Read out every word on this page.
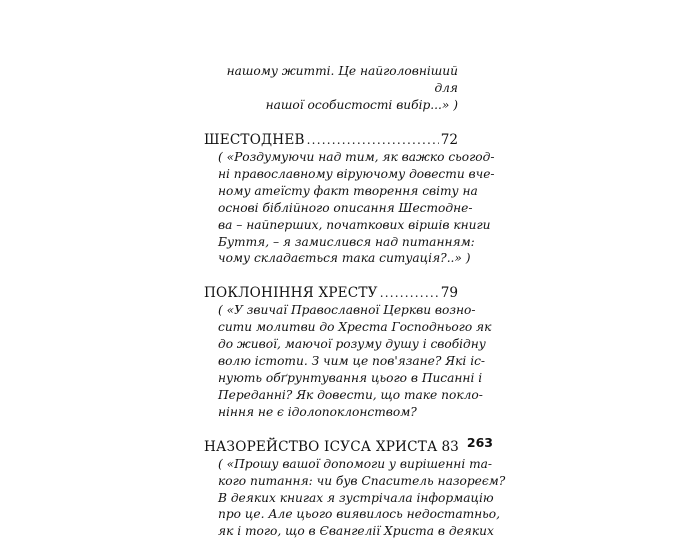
нашому житті. Це найголовніший для
нашої особистості вибір...» )

ШЕСТОДНЕВ .....	72

( «Роздумуючи над тим, як важко сьогод-
ні православному віруючому довести вче-
ному атеїсту факт творення світу на
основі біблійного описання Шестодне-
ва – найперших, початкових віршів книги
Буття, – я замислився над питанням:
чому складається така ситуація?..» )

ПОКЛОНІННЯ ХРЕСТУ .....	79

( «У звичаї Православної Церкви возно-
сити молитви до Хреста Господнього як
до живої, маючої розуму душу і свобідну
волю істоти. З чим це пов'язане? Які іс-
нують обґрунтування цього в Писанні і
Переданні? Як довести, що таке покло-
ніння не є ідолопоклонством?

НАЗОРЕЙСТВО ІСУСА ХРИСТА 83

( «Прошу вашої допомоги у вирішенні та-
кого питання: чи був Спаситель назореєм?
В деяких книгах я зустрічала інформацію
про це. Але цього виявилось недостатньо,
як і того, що в Євангелії Христа в деяких

263
